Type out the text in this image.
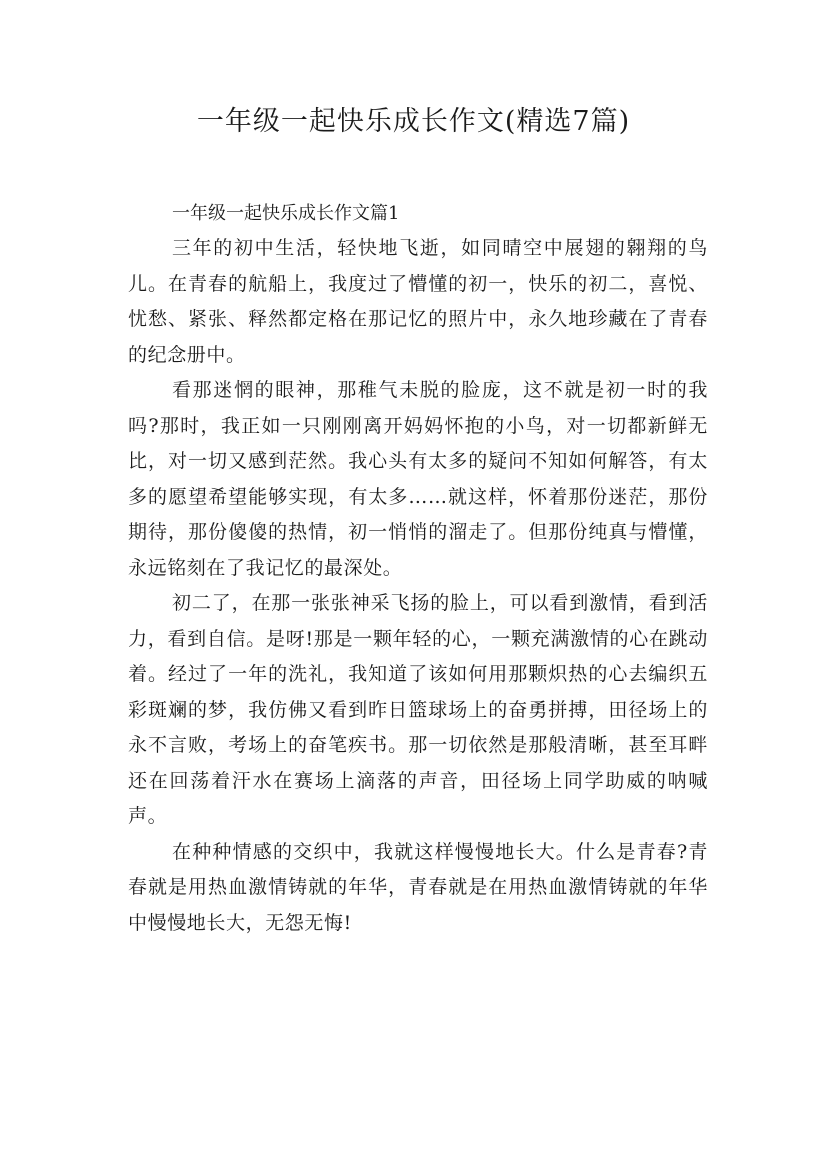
一年级一起快乐成长作文(精选7篇)
一年级一起快乐成长作文篇1

三年的初中生活，轻快地飞逝，如同晴空中展翅的翱翔的鸟儿。在青春的航船上，我度过了懵懂的初一，快乐的初二，喜悦、忧愁、紧张、释然都定格在那记忆的照片中，永久地珍藏在了青春的纪念册中。

看那迷惘的眼神，那稚气未脱的脸庞，这不就是初一时的我吗?那时，我正如一只刚刚离开妈妈怀抱的小鸟，对一切都新鲜无比，对一切又感到茫然。我心头有太多的疑问不知如何解答，有太多的愿望希望能够实现，有太多……就这样，怀着那份迷茫，那份期待，那份傻傻的热情，初一悄悄的溜走了。但那份纯真与懵懂，永远铭刻在了我记忆的最深处。

初二了，在那一张张神采飞扬的脸上，可以看到激情，看到活力，看到自信。是呀!那是一颗年轻的心，一颗充满激情的心在跳动着。经过了一年的洗礼，我知道了该如何用那颗炽热的心去编织五彩斑斓的梦，我仿佛又看到昨日篮球场上的奋勇拼搏，田径场上的永不言败，考场上的奋笔疾书。那一切依然是那般清晰，甚至耳畔还在回荡着汗水在赛场上滴落的声音，田径场上同学助威的呐喊声。

在种种情感的交织中，我就这样慢慢地长大。什么是青春?青春就是用热血激情铸就的年华，青春就是在用热血激情铸就的年华中慢慢地长大，无怨无悔!
